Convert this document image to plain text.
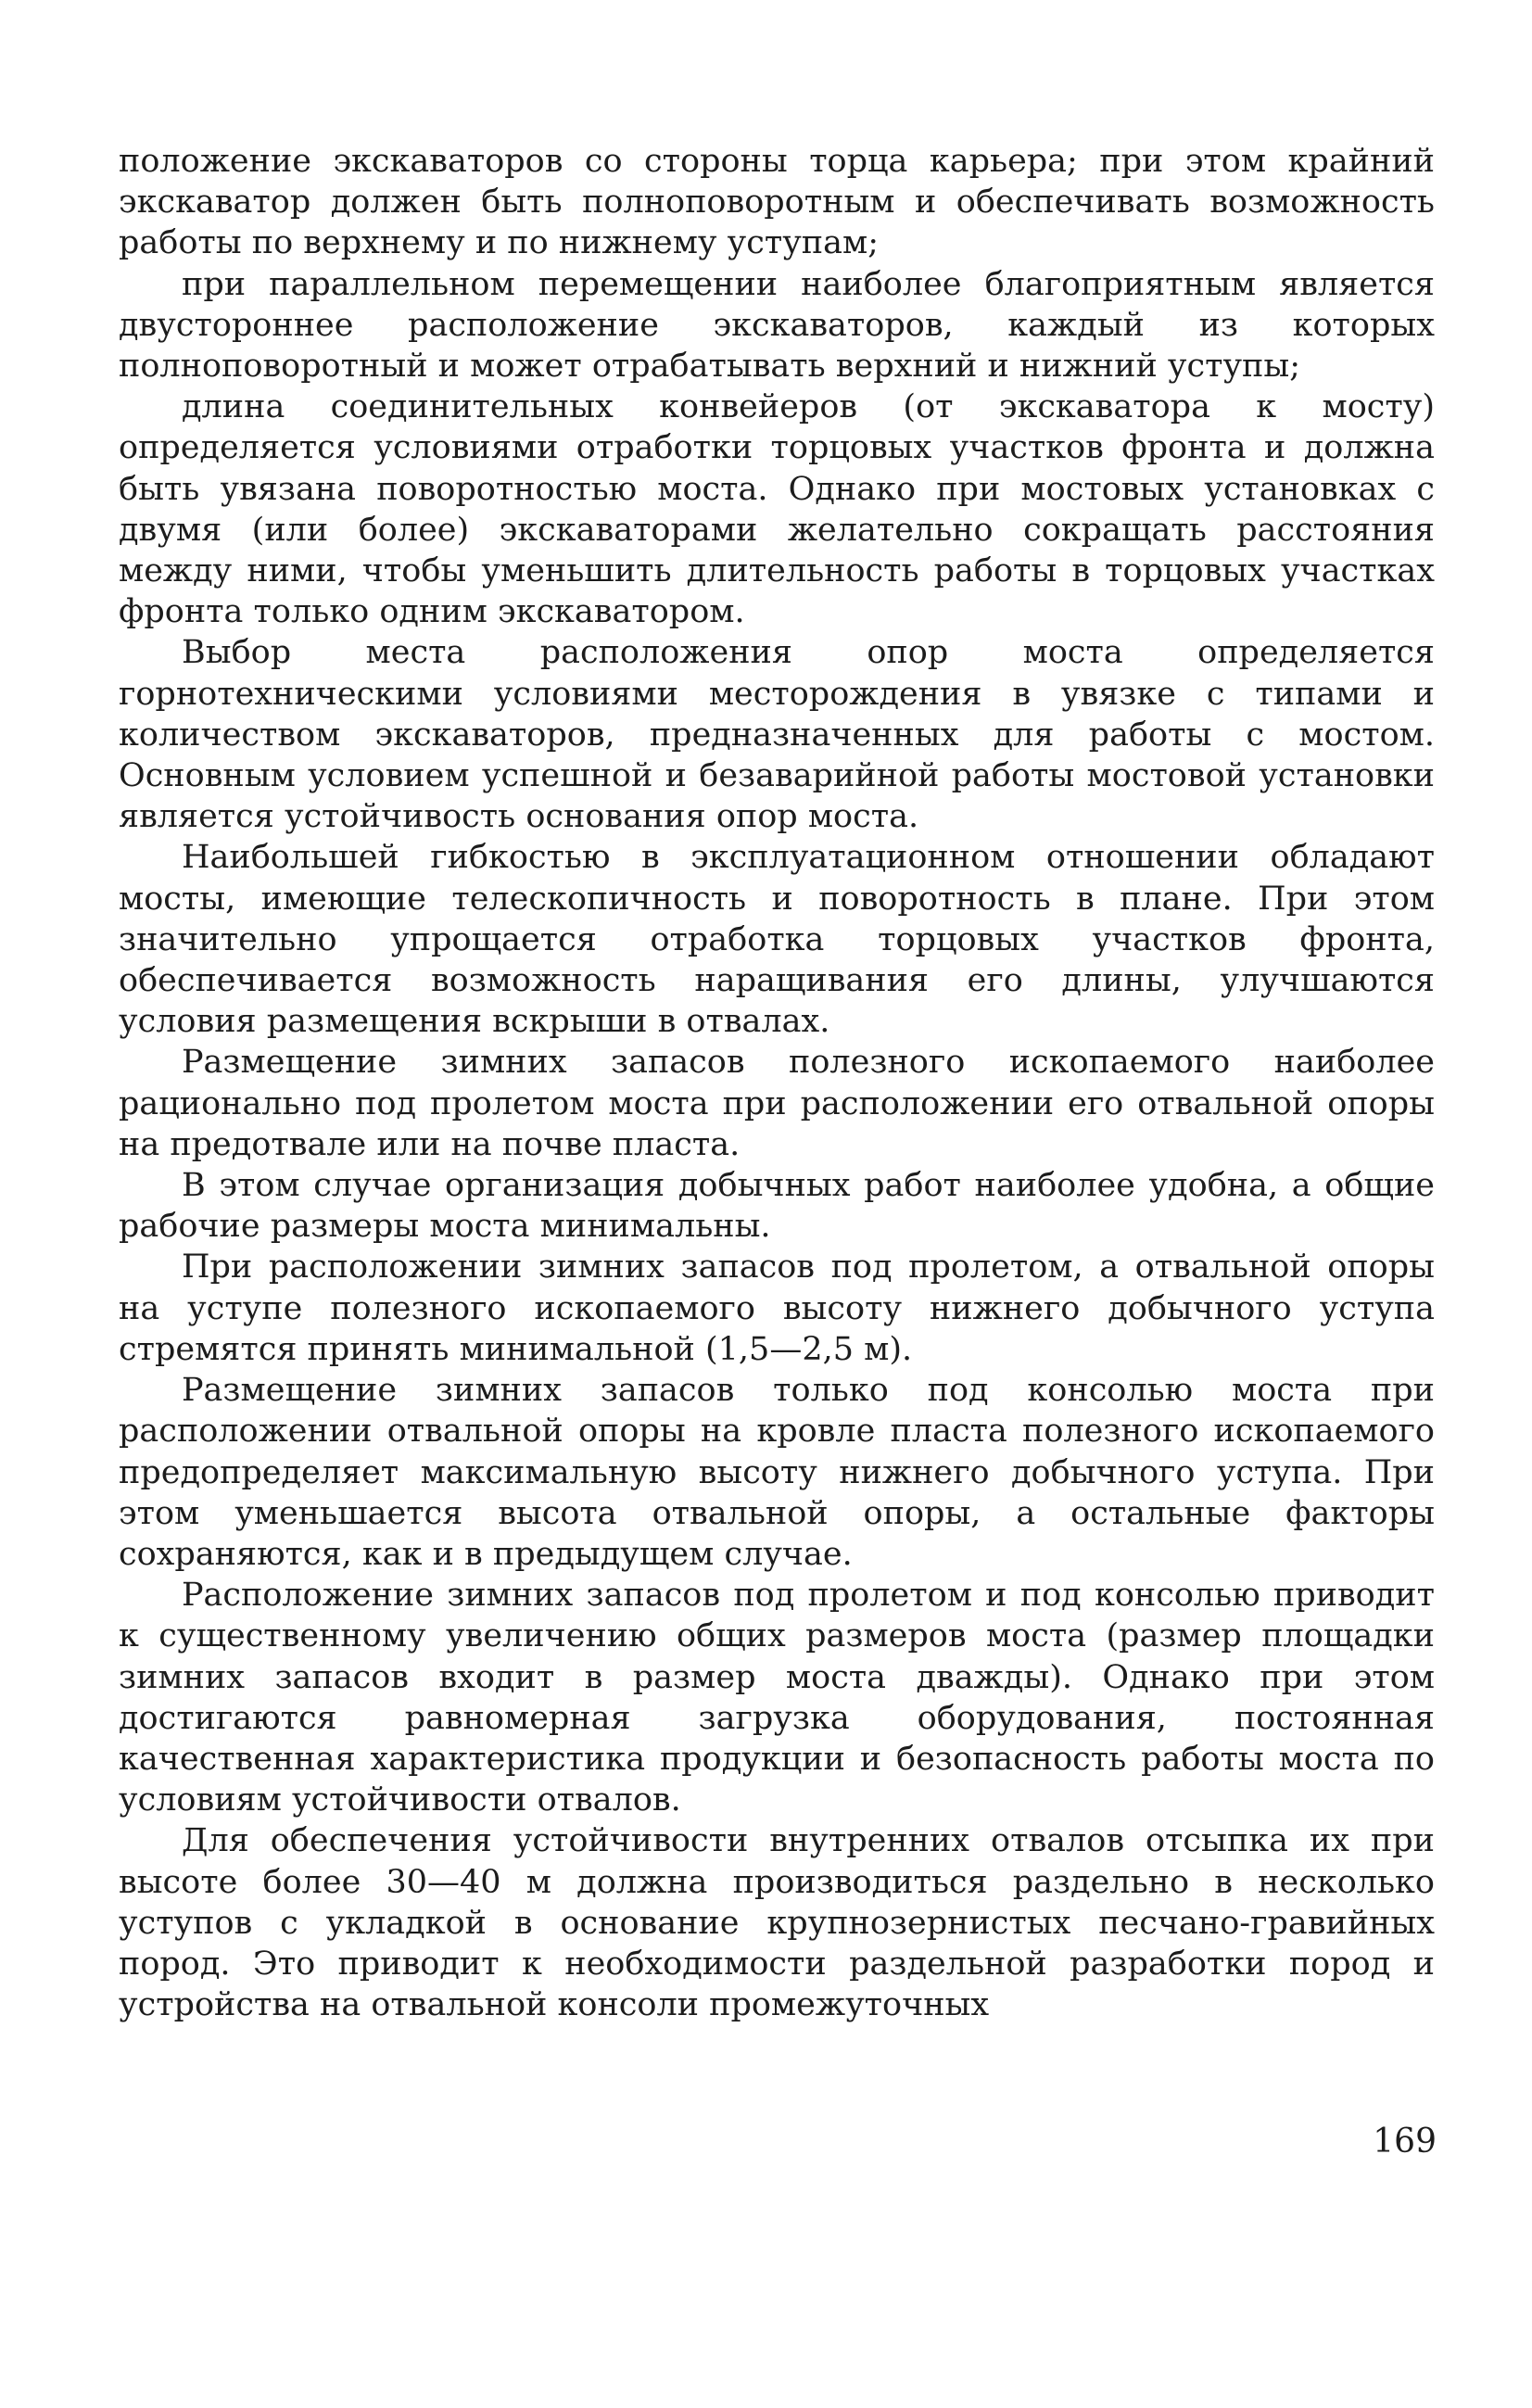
положение экскаваторов со стороны торца карьера; при этом крайний экскаватор должен быть полноповоротным и обеспечивать возможность работы по верхнему и по нижнему уступам;

при параллельном перемещении наиболее благоприятным является двустороннее расположение экскаваторов, каждый из которых полноповоротный и может отрабатывать верхний и нижний уступы;

длина соединительных конвейеров (от экскаватора к мосту) определяется условиями отработки торцовых участков фронта и должна быть увязана поворотностью моста. Однако при мостовых установках с двумя (или более) экскаваторами желательно сокращать расстояния между ними, чтобы уменьшить длительность работы в торцовых участках фронта только одним экскаватором.

Выбор места расположения опор моста определяется горнотехническими условиями месторождения в увязке с типами и количеством экскаваторов, предназначенных для работы с мостом. Основным условием успешной и безаварийной работы мостовой установки является устойчивость основания опор моста.

Наибольшей гибкостью в эксплуатационном отношении обладают мосты, имеющие телескопичность и поворотность в плане. При этом значительно упрощается отработка торцовых участков фронта, обеспечивается возможность наращивания его длины, улучшаются условия размещения вскрыши в отвалах.

Размещение зимних запасов полезного ископаемого наиболее рационально под пролетом моста при расположении его отвальной опоры на предотвале или на почве пласта.

В этом случае организация добычных работ наиболее удобна, а общие рабочие размеры моста минимальны.

При расположении зимних запасов под пролетом, а отвальной опоры на уступе полезного ископаемого высоту нижнего добычного уступа стремятся принять минимальной (1,5—2,5 м).

Размещение зимних запасов только под консолью моста при расположении отвальной опоры на кровле пласта полезного ископаемого предопределяет максимальную высоту нижнего добычного уступа. При этом уменьшается высота отвальной опоры, а остальные факторы сохраняются, как и в предыдущем случае.

Расположение зимних запасов под пролетом и под консолью приводит к существенному увеличению общих размеров моста (размер площадки зимних запасов входит в размер моста дважды). Однако при этом достигаются равномерная загрузка оборудования, постоянная качественная характеристика продукции и безопасность работы моста по условиям устойчивости отвалов.

Для обеспечения устойчивости внутренних отвалов отсыпка их при высоте более 30—40 м должна производиться раздельно в несколько уступов с укладкой в основание крупнозернистых песчано-гравийных пород. Это приводит к необходимости раздельной разработки пород и устройства на отвальной консоли промежуточных

169
